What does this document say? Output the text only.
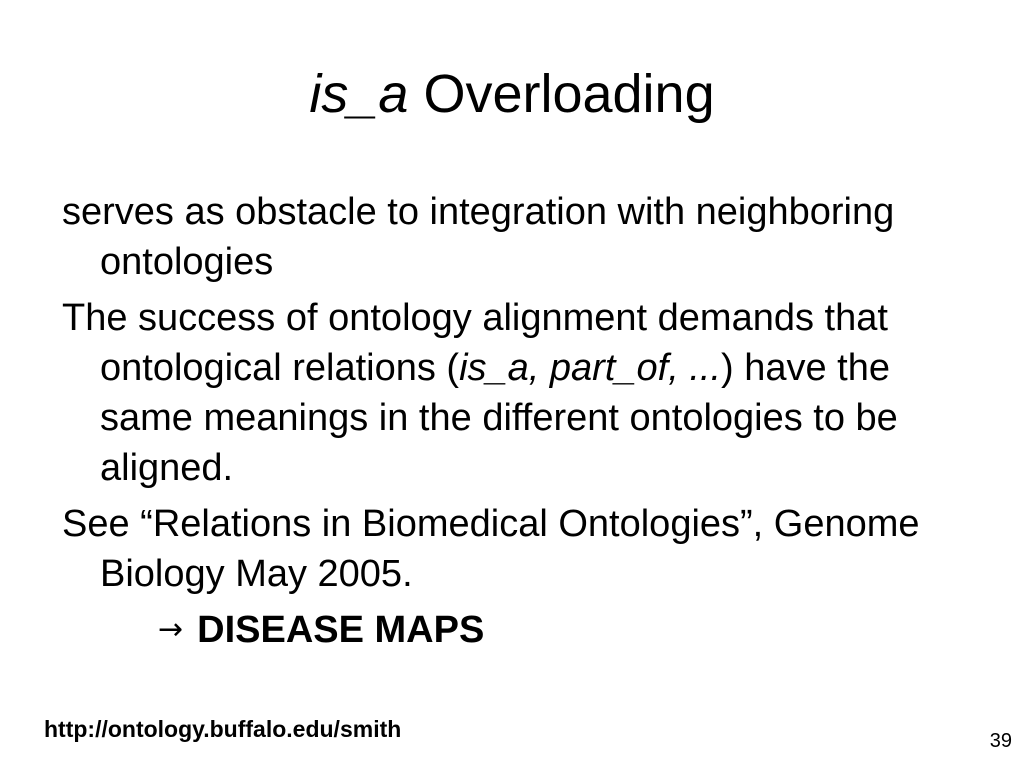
is_a Overloading

serves as obstacle to integration with neighboring ontologies

The success of ontology alignment demands that ontological relations (is_a, part_of, ...) have the same meanings in the different ontologies to be aligned.

See “Relations in Biomedical Ontologies”, Genome Biology May 2005.

→ DISEASE MAPS
http://ontology.buffalo.edu/smith	39
